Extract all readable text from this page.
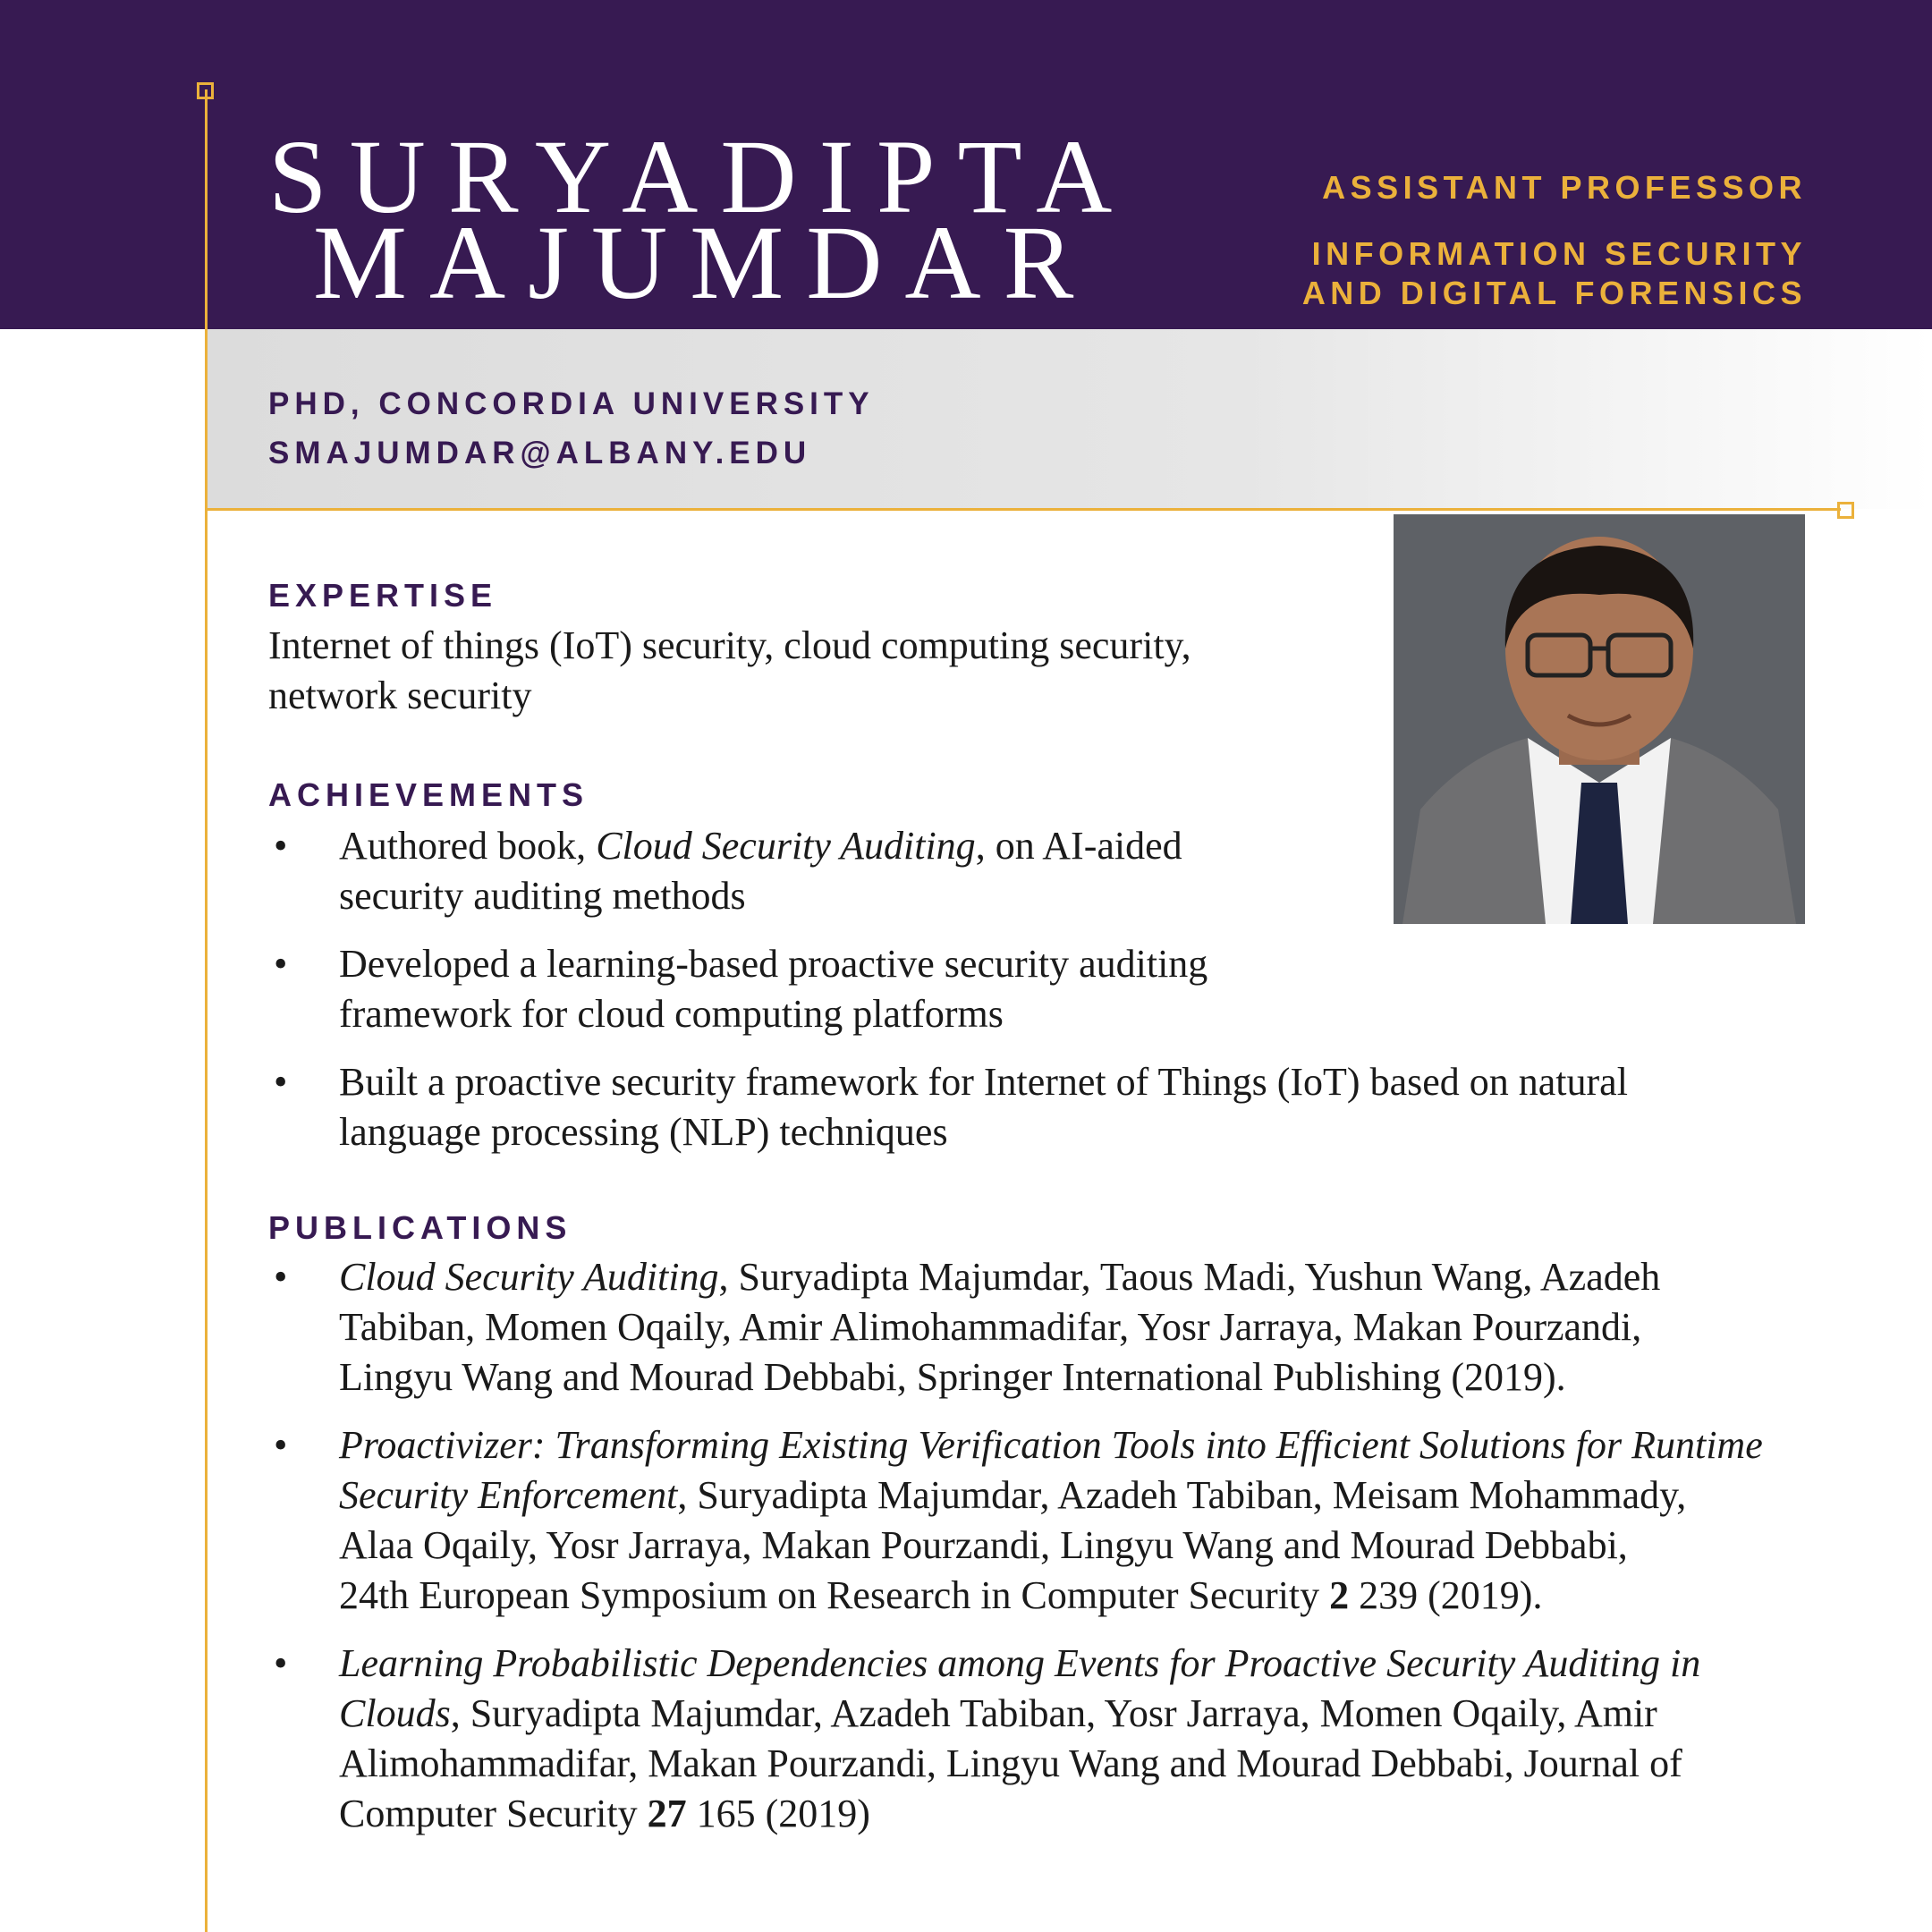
SURYADIPTA
MAJUMDAR
ASSISTANT PROFESSOR
INFORMATION SECURITY
AND DIGITAL FORENSICS
PHD, CONCORDIA UNIVERSITY
SMAJUMDAR@ALBANY.EDU
EXPERTISE
Internet of things (IoT) security, cloud computing security,
network security
ACHIEVEMENTS
• Authored book, Cloud Security Auditing, on AI-aided
security auditing methods
• Developed a learning-based proactive security auditing
framework for cloud computing platforms
• Built a proactive security framework for Internet of Things (IoT) based on natural
language processing (NLP) techniques
PUBLICATIONS
• Cloud Security Auditing, Suryadipta Majumdar, Taous Madi, Yushun Wang, Azadeh
Tabiban, Momen Oqaily, Amir Alimohammadifar, Yosr Jarraya, Makan Pourzandi,
Lingyu Wang and Mourad Debbabi, Springer International Publishing (2019).
• Proactivizer: Transforming Existing Verification Tools into Efficient Solutions for Runtime
Security Enforcement, Suryadipta Majumdar, Azadeh Tabiban, Meisam Mohammady,
Alaa Oqaily, Yosr Jarraya, Makan Pourzandi, Lingyu Wang and Mourad Debbabi,
24th European Symposium on Research in Computer Security 2 239 (2019).
• Learning Probabilistic Dependencies among Events for Proactive Security Auditing in
Clouds, Suryadipta Majumdar, Azadeh Tabiban, Yosr Jarraya, Momen Oqaily, Amir
Alimohammadifar, Makan Pourzandi, Lingyu Wang and Mourad Debbabi, Journal of
Computer Security 27 165 (2019)
